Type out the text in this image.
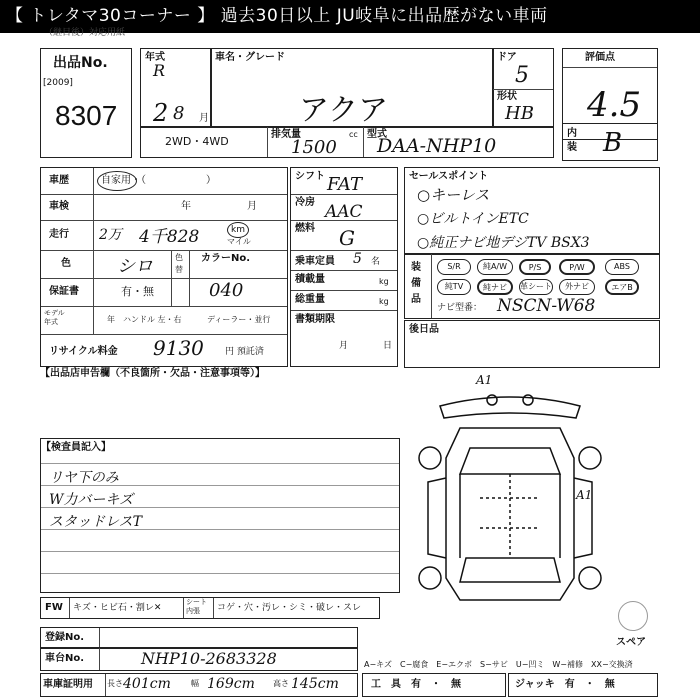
【 トレタマ30コーナー 】 過去30日以上 JU岐阜に出品歴がない車両
（継目後）対応用紙
出品No.
[2009]
8307
年式
R
2 8 月
車名・グレード
アクア
ドア
5
形状
HB
評価点
4.5
内
装 B
2WD・4WD
排気量	cc
1500
型式
DAA-NHP10
車歴	自家用・（　　　　　　）
車検	年	月
走行 2万 4千828	km
マイル
色	シロ	色
替
カラーNo.
040
保証書	有・無
モデル
年式	年 ハンドル 左・右	ディーラー・並行
リサイクル料金 9130 円 預託済
シフト FAT
冷房 AAC
燃料 G
乗車定員 5 名
積載量	kg
総重量	kg
書類期限
月	日
セールスポイント
○キーレス
○ビルトインETC
○純正ナビ地デジTV BSX3
装
備
品
S/R	純A/W	P/S	P/W	ABS
純TV	純ナビ	革シート	外ナビ	エアB
ナビ型番： NSCN-W68
後日品
【出品店申告欄（不良箇所・欠品・注意事項等）】
【検査員記入】
リヤ下のみ
W力バーキズ
スタッドレスT
A1
A1
FW キズ・ヒビ石・割レ✕
シート
内張 コゲ・穴・汚レ・シミ・破レ・スレ
登録No.
車台No.	NHP10-2683328
スペア
A−キズ　C−腐食　E−エクボ　S−サビ　U−凹ミ　W−補修　XX−交換済
車庫証明用 長さ 401cm	幅 169cm 高さ 145cm	工　具　有　・　無	ジャッキ　有　・　無
